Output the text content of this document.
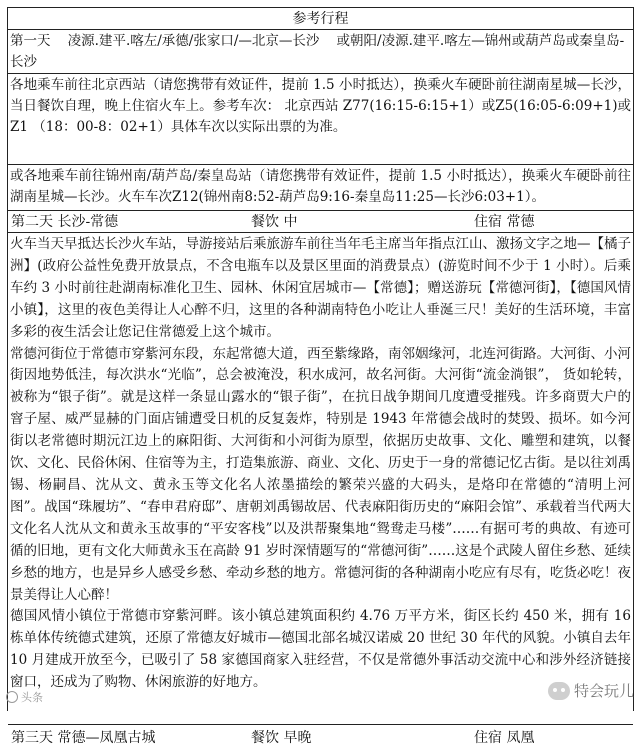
参考行程
第一天    凌源.建平.喀左/承德/张家口/—北京—长沙    或朝阳/凌源.建平.喀左—锦州或葫芦岛或秦皇岛-长沙

各地乘车前往北京西站（请您携带有效证件，提前 1.5 小时抵达），换乘火车硬卧前往湖南星城—长沙，当日餐饮自理，晚上住宿火车上。参考车次： 北京西站 Z77(16:15-6:15+1）或Z5(16:05-6:09+1)或 Z1 （18：00-8：02+1）具体车次以实际出票的为准。

或各地乘车前往锦州南/葫芦岛/秦皇岛站（请您携带有效证件，提前 1.5 小时抵达），换乘火车硬卧前往湖南星城—长沙。火车车次Z12(锦州南8:52-葫芦岛9:16-秦皇岛11:25—长沙6:03+1）。

第二天 长沙-常德	餐饮 中	住宿 常德

火车当天早抵达长沙火车站，导游接站后乘旅游车前往当年毛主席当年指点江山、激扬文字之地—【橘子洲】(政府公益性免费开放景点，不含电瓶车以及景区里面的消费景点）(游览时间不少于 1 小时）。后乘车约 3 小时前往赴湖南标准化卫生、园林、休闲宜居城市—【常德】；赠送游玩【常德河街】，【德国风情小镇】，这里的夜色美得让人心醉不归，这里的各种湖南特色小吃让人垂涎三尺！美好的生活环境，丰富多彩的夜生活会让您记住常德爱上这个城市。

常德河街位于常德市穿紫河东段，东起常德大道，西至紫缘路，南邻姻缘河，北连河街路。大河街、小河街因地势低洼，每次洪水“光临”，总会被淹没，积水成河，故名河街。大河街“流金淌银”， 货如轮转，被称为“银子街”。就是这样一条显山露水的“银子街”，在抗日战争期间几度遭受摧残。许多商贾大户的窨子屋、威严显赫的门面店铺遭受日机的反复轰炸，特别是 1943 年常德会战时的焚毁、损坏。如今河街以老常德时期沅江边上的麻阳街、大河街和小河街为原型，依据历史故事、文化、雕塑和建筑，以餐饮、文化、民俗休闲、住宿等为主，打造集旅游、商业、文化、历史于一身的常德记忆古街。是以往刘禹锡、杨嗣昌、沈从文、黄永玉等文化名人浓墨描绘的繁荣兴盛的大码头，是烙印在常德的“清明上河图”。战国“珠履坊”、“春申君府邸”、唐朝刘禹锡故居、代表麻阳街历史的“麻阳会馆”、承载着当代两大文化名人沈从文和黄永玉故事的“平安客栈”以及洪帮聚集地“鸳鸯走马楼”……有据可考的典故、有迹可循的旧地，更有文化大师黄永玉在高龄 91 岁时深情题写的“常德河街”……这是个武陵人留住乡愁、延续乡愁的地方，也是异乡人感受乡愁、牵动乡愁的地方。常德河街的各种湖南小吃应有尽有，吃货必吃！夜景美得让人心醉！

德国风情小镇位于常德市穿紫河畔。该小镇总建筑面积约 4.76 万平方米，街区长约 450 米，拥有 16 栋单体传统德式建筑，还原了常德友好城市—德国北部名城汉诺威 20 世纪 30 年代的风貌。小镇自去年 10 月建成开放至今，已吸引了 58 家德国商家入驻经营，不仅是常德外事活动交流中心和涉外经济链接窗口，还成为了购物、休闲旅游的好地方。

第三天 常德—凤凰古城	餐饮 早晚	住宿 凤凰
头条	特会玩儿
